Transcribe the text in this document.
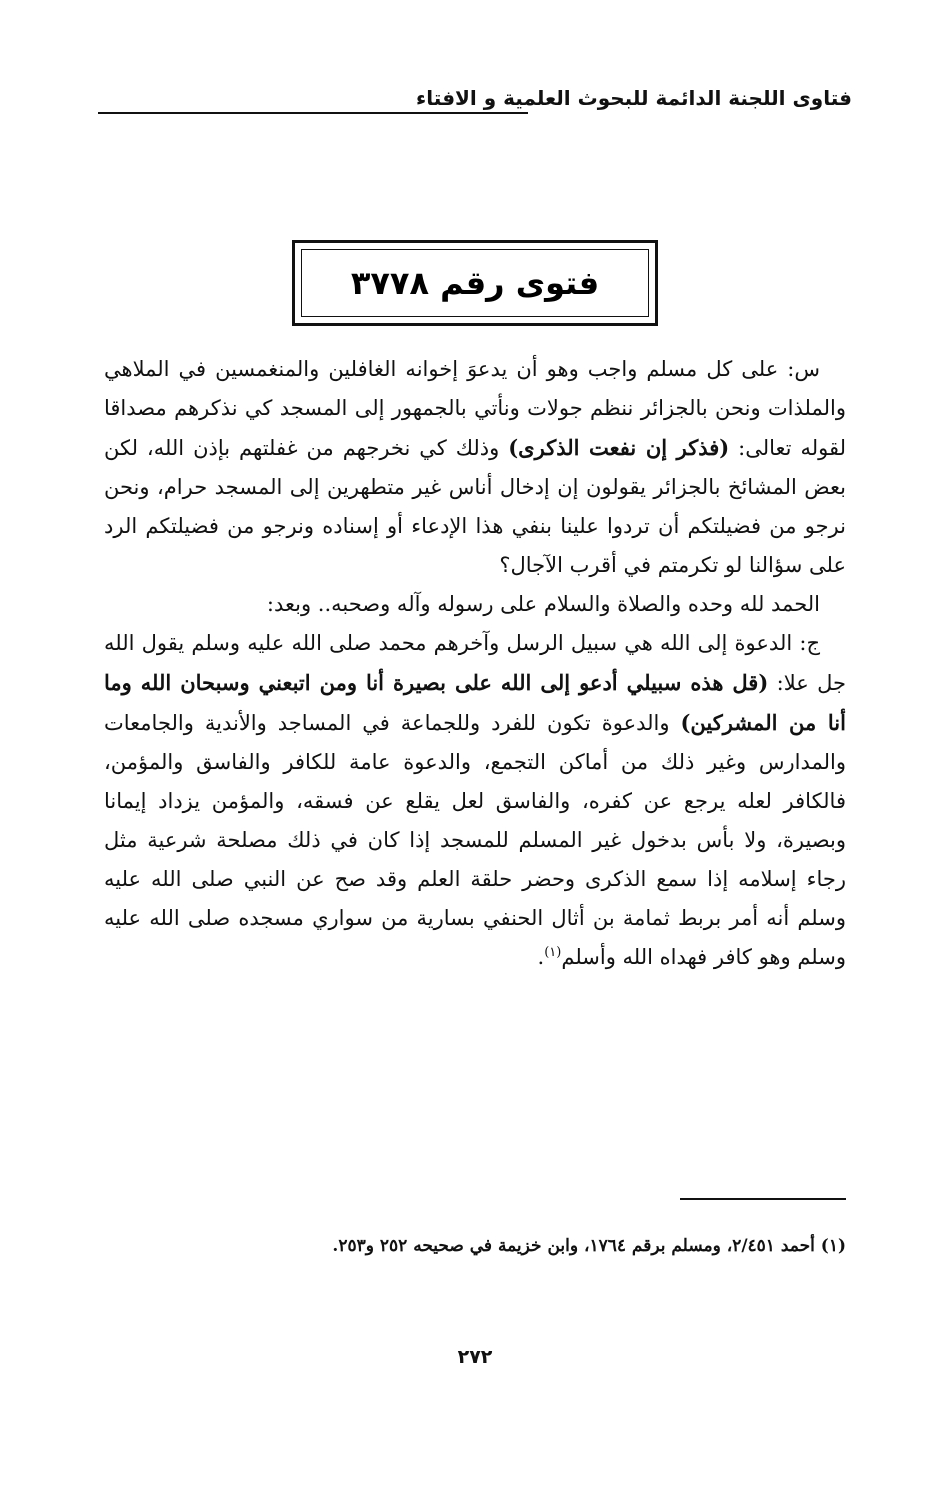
فتاوى اللجنة الدائمة للبحوث العلمية و الافتاء
فتوى رقم ٣٧٧٨

س: على كل مسلم واجب وهو أن يدعوَ إخوانه الغافلين والمنغمسين في الملاهي والملذات ونحن بالجزائر ننظم جولات ونأتي بالجمهور إلى المسجد كي نذكرهم مصداقا لقوله تعالى: (فذكر إن نفعت الذكرى) وذلك كي نخرجهم من غفلتهم بإذن الله، لكن بعض المشائخ بالجزائر يقولون إن إدخال أناس غير متطهرين إلى المسجد حرام، ونحن نرجو من فضيلتكم أن تردوا علينا بنفي هذا الإدعاء أو إسناده ونرجو من فضيلتكم الرد على سؤالنا لو تكرمتم في أقرب الآجال؟

الحمد لله وحده والصلاة والسلام على رسوله وآله وصحبه.. وبعد:

ج: الدعوة إلى الله هي سبيل الرسل وآخرهم محمد صلى الله عليه وسلم يقول الله جل علا: (قل هذه سبيلي أدعو إلى الله على بصيرة أنا ومن اتبعني وسبحان الله وما أنا من المشركين) والدعوة تكون للفرد وللجماعة في المساجد والأندية والجامعات والمدارس وغير ذلك من أماكن التجمع، والدعوة عامة للكافر والفاسق والمؤمن، فالكافر لعله يرجع عن كفره، والفاسق لعل يقلع عن فسقه، والمؤمن يزداد إيمانا وبصيرة، ولا بأس بدخول غير المسلم للمسجد إذا كان في ذلك مصلحة شرعية مثل رجاء إسلامه إذا سمع الذكرى وحضر حلقة العلم وقد صح عن النبي صلى الله عليه وسلم أنه أمر بربط ثمامة بن أثال الحنفي بسارية من سواري مسجده صلى الله عليه وسلم وهو كافر فهداه الله وأسلم$^{(١)}$.

(١) أحمد ٢/٤٥١، ومسلم برقم ١٧٦٤، وابن خزيمة في صحيحه ٢٥٢ و٢٥٣.
٢٧٢
